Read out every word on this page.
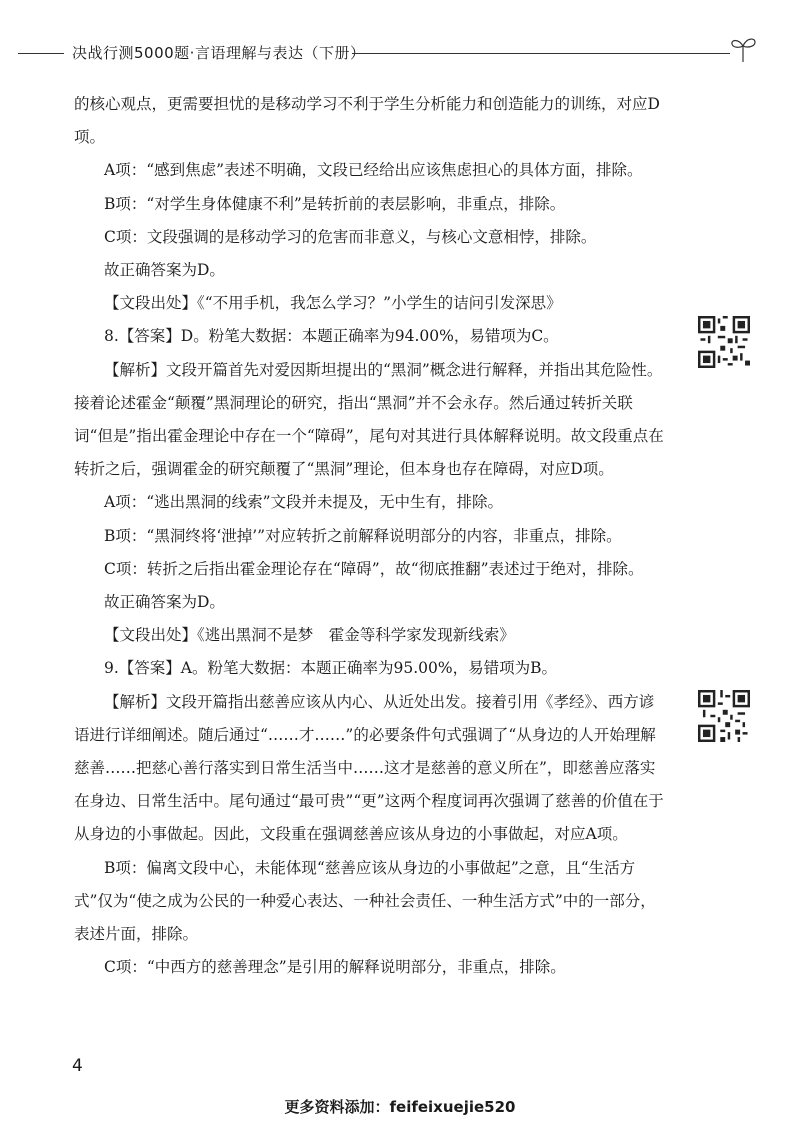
决战行测5000题·言语理解与表达（下册）

的核心观点，更需要担忧的是移动学习不利于学生分析能力和创造能力的训练，对应D项。

A项：“感到焦虑”表述不明确，文段已经给出应该焦虑担心的具体方面，排除。

B项：“对学生身体健康不利”是转折前的表层影响，非重点，排除。

C项：文段强调的是移动学习的危害而非意义，与核心文意相悖，排除。

故正确答案为D。

【文段出处】《“不用手机，我怎么学习？”小学生的诘问引发深思》

8.【答案】D。粉笔大数据：本题正确率为94.00%，易错项为C。

【解析】文段开篇首先对爱因斯坦提出的“黑洞”概念进行解释，并指出其危险性。接着论述霍金“颠覆”黑洞理论的研究，指出“黑洞”并不会永存。然后通过转折关联词“但是”指出霍金理论中存在一个“障碍”，尾句对其进行具体解释说明。故文段重点在转折之后，强调霍金的研究颠覆了“黑洞”理论，但本身也存在障碍，对应D项。

A项：“逃出黑洞的线索”文段并未提及，无中生有，排除。

B项：“黑洞终将‘泄掉’”对应转折之前解释说明部分的内容，非重点，排除。

C项：转折之后指出霍金理论存在“障碍”，故“彻底推翻”表述过于绝对，排除。

故正确答案为D。

【文段出处】《逃出黑洞不是梦　霍金等科学家发现新线索》

9.【答案】A。粉笔大数据：本题正确率为95.00%，易错项为B。

【解析】文段开篇指出慈善应该从内心、从近处出发。接着引用《孝经》、西方谚语进行详细阐述。随后通过“……才……”的必要条件句式强调了“从身边的人开始理解慈善……把慈心善行落实到日常生活当中……这才是慈善的意义所在”，即慈善应落实在身边、日常生活中。尾句通过“最可贵”“更”这两个程度词再次强调了慈善的价值在于从身边的小事做起。因此，文段重在强调慈善应该从身边的小事做起，对应A项。

B项：偏离文段中心，未能体现“慈善应该从身边的小事做起”之意，且“生活方式”仅为“使之成为公民的一种爱心表达、一种社会责任、一种生活方式”中的一部分，表述片面，排除。

C项：“中西方的慈善理念”是引用的解释说明部分，非重点，排除。

4
更多资料添加：feifeixuejie520
